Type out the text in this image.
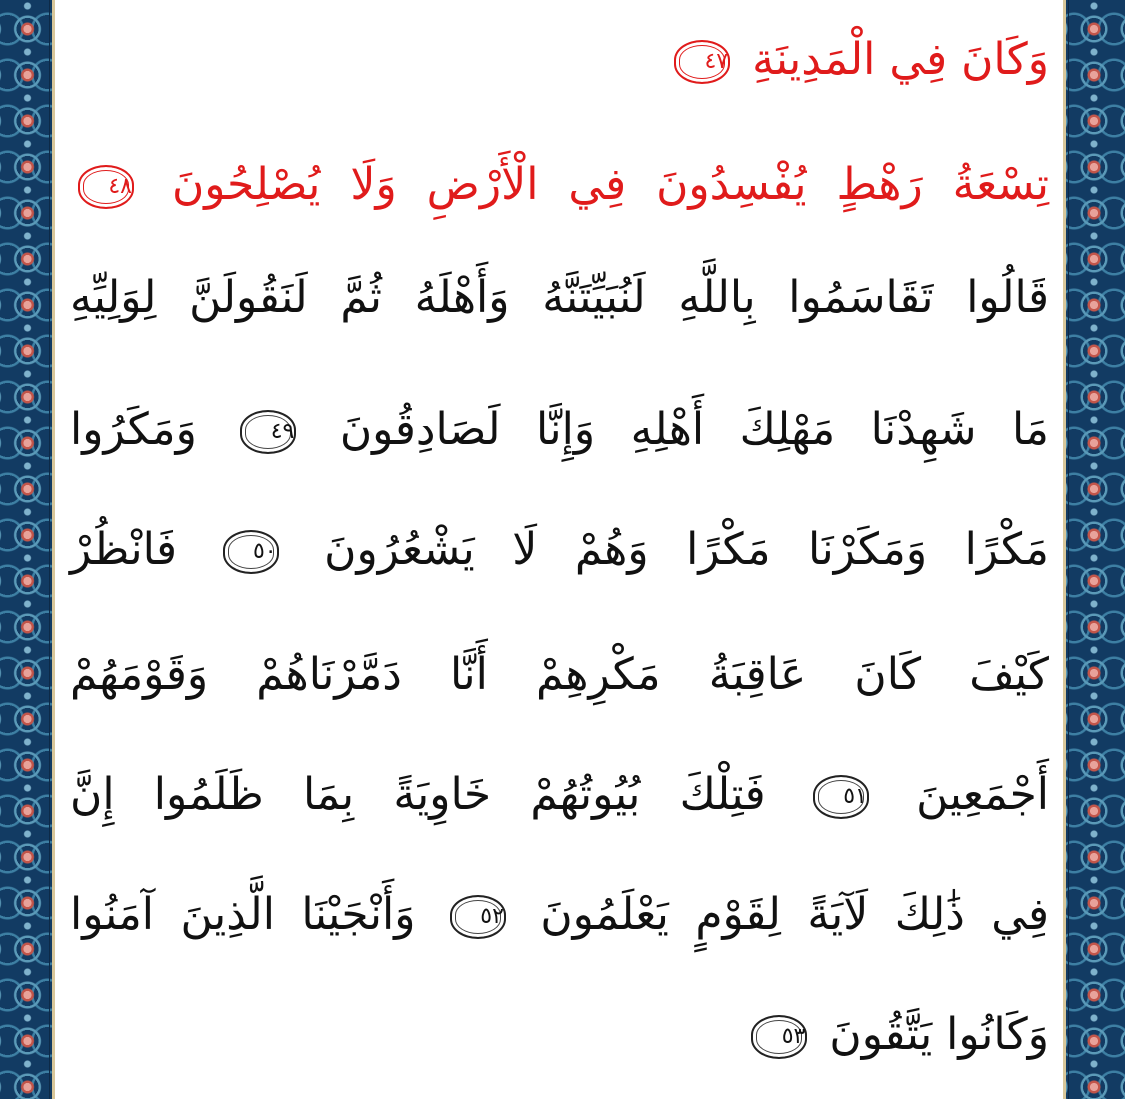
وَكَانَ فِي الْمَدِينَةِ ٤٧
تِسْعَةُ رَهْطٍ يُفْسِدُونَ فِي الْأَرْضِ وَلَا يُصْلِحُونَ ٤٨
قَالُوا تَقَاسَمُوا بِاللَّهِ لَنُبَيِّتَنَّهُ وَأَهْلَهُ ثُمَّ لَنَقُولَنَّ لِوَلِيِّهِ
مَا شَهِدْنَا مَهْلِكَ أَهْلِهِ وَإِنَّا لَصَادِقُونَ ٤٩ وَمَكَرُوا
مَكْرًا وَمَكَرْنَا مَكْرًا وَهُمْ لَا يَشْعُرُونَ ٥٠ فَانْظُرْ
كَيْفَ كَانَ عَاقِبَةُ مَكْرِهِمْ أَنَّا دَمَّرْنَاهُمْ وَقَوْمَهُمْ
أَجْمَعِينَ ٥١ فَتِلْكَ بُيُوتُهُمْ خَاوِيَةً بِمَا ظَلَمُوا إِنَّ
فِي ذَٰلِكَ لَآيَةً لِقَوْمٍ يَعْلَمُونَ ٥٢ وَأَنْجَيْنَا الَّذِينَ آمَنُوا
وَكَانُوا يَتَّقُونَ ٥٣
